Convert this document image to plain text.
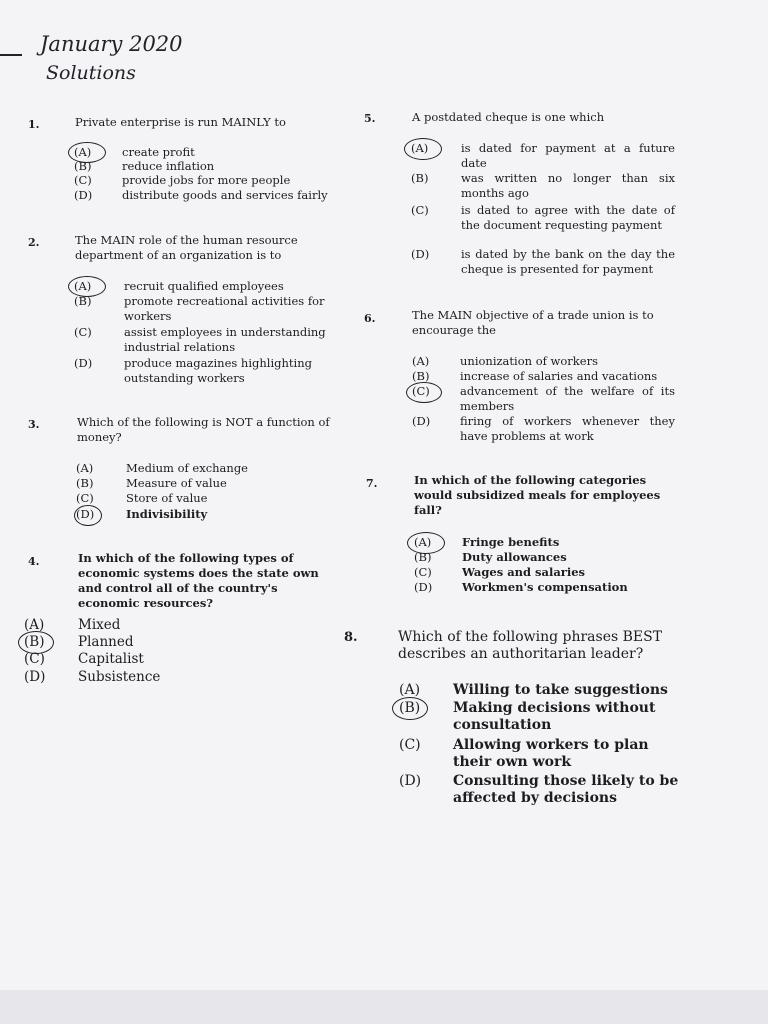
January 2020
Solutions
1.	Private enterprise is run MAINLY to
(A)	create profit
(B)	reduce inflation
(C)	provide jobs for more people
(D)	distribute goods and services fairly
2.	The MAIN role of the human resource department of an organization is to
(A)	recruit qualified employees
(B)	promote recreational activities for workers
(C)	assist employees in understanding industrial relations
(D)	produce magazines highlighting outstanding workers
3.	Which of the following is NOT a function of money?
(A)	Medium of exchange
(B)	Measure of value
(C)	Store of value
(D)	Indivisibility
4.	In which of the following types of economic systems does the state own and control all of the country's economic resources?
(A) Mixed
(B) Planned
(C) Capitalist
(D) Subsistence
5.	A postdated cheque is one which
(A)	is dated for payment at a future date
(B)	was written no longer than six months ago
(C)	is dated to agree with the date of the document requesting payment
(D)	is dated by the bank on the day the cheque is presented for payment
6.	The MAIN objective of a trade union is to encourage the
(A)	unionization of workers
(B)	increase of salaries and vacations
(C)	advancement of the welfare of its members
(D)	firing of workers whenever they have problems at work
7.	In which of the following categories would subsidized meals for employees fall?
(A)	Fringe benefits
(B)	Duty allowances
(C)	Wages and salaries
(D)	Workmen's compensation
8.	Which of the following phrases BEST describes an authoritarian leader?
(A) Willing to take suggestions
(B) Making decisions without consultation
(C) Allowing workers to plan their own work
(D) Consulting those likely to be affected by decisions
